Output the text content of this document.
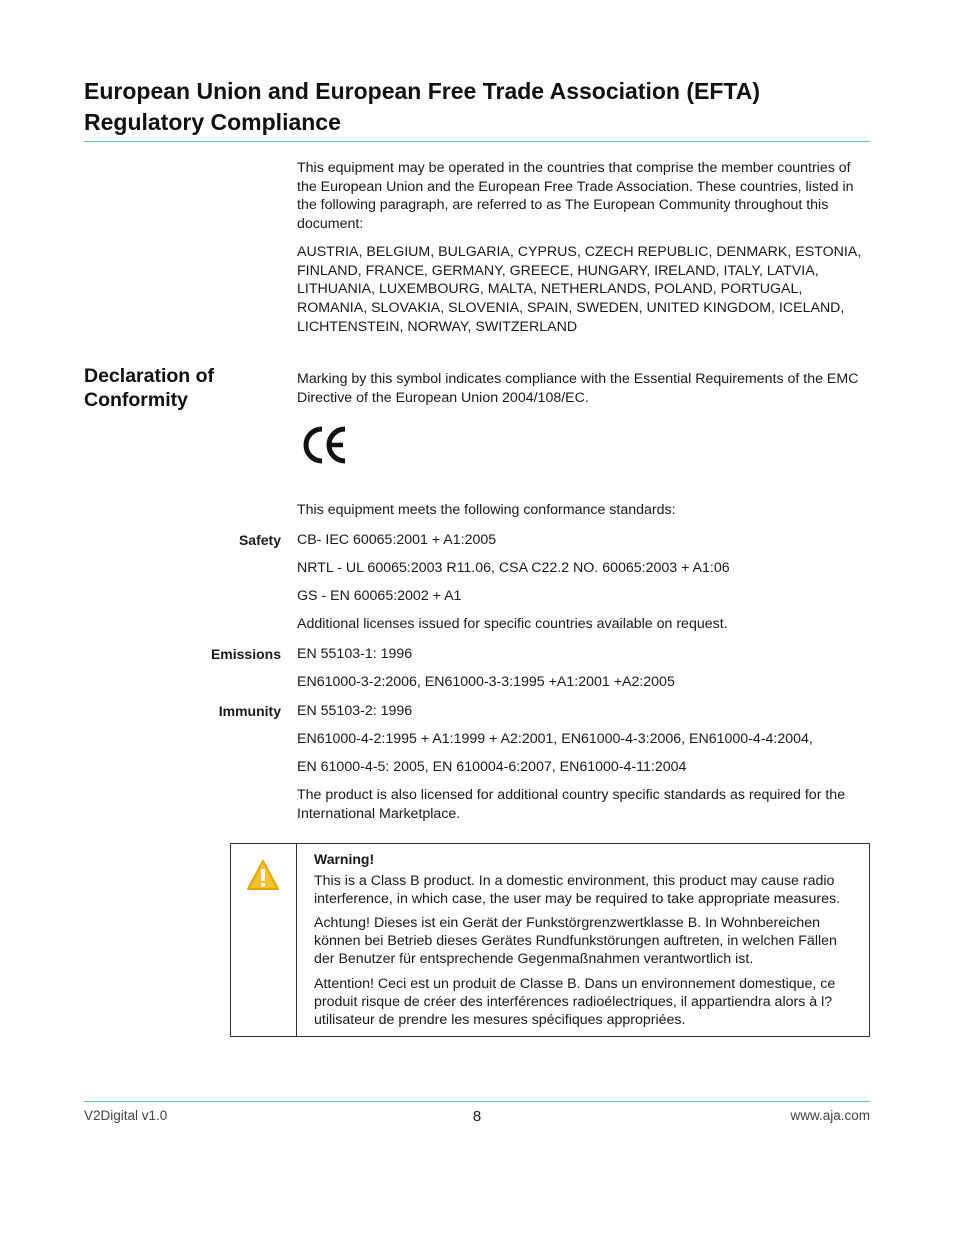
European Union and European Free Trade Association (EFTA)
Regulatory Compliance

This equipment may be operated in the countries that comprise the member countries of the European Union and the European Free Trade Association. These countries, listed in the following paragraph, are referred to as The European Community throughout this document:

AUSTRIA, BELGIUM, BULGARIA, CYPRUS, CZECH REPUBLIC, DENMARK, ESTONIA, FINLAND, FRANCE, GERMANY, GREECE, HUNGARY, IRELAND, ITALY, LATVIA, LITHUANIA, LUXEMBOURG, MALTA, NETHERLANDS, POLAND, PORTUGAL, ROMANIA, SLOVAKIA, SLOVENIA, SPAIN, SWEDEN, UNITED KINGDOM, ICELAND, LICHTENSTEIN, NORWAY, SWITZERLAND

Declaration of
Conformity

Marking by this symbol indicates compliance with the Essential Requirements of the EMC Directive of the European Union 2004/108/EC.

This equipment meets the following conformance standards:

Safety CB- IEC 60065:2001 + A1:2005

NRTL - UL 60065:2003 R11.06, CSA C22.2 NO. 60065:2003 + A1:06

GS - EN 60065:2002 + A1

Additional licenses issued for specific countries available on request.

Emissions EN 55103-1: 1996

EN61000-3-2:2006, EN61000-3-3:1995 +A1:2001 +A2:2005

Immunity EN 55103-2: 1996

EN61000-4-2:1995 + A1:1999 + A2:2001, EN61000-4-3:2006, EN61000-4-4:2004,

EN 61000-4-5: 2005, EN 610004-6:2007, EN61000-4-11:2004

The product is also licensed for additional country specific standards as required for the International Marketplace.

Warning!

This is a Class B product. In a domestic environment, this product may cause radio interference, in which case, the user may be required to take appropriate measures.

Achtung! Dieses ist ein Gerät der Funkstörgrenzwertklasse B. In Wohnbereichen können bei Betrieb dieses Gerätes Rundfunkstörungen auftreten, in welchen Fällen der Benutzer für entsprechende Gegenmaßnahmen verantwortlich ist.

Attention! Ceci est un produit de Classe B. Dans un environnement domestique, ce produit risque de créer des interférences radioélectriques, il appartiendra alors à l?utilisateur de prendre les mesures spécifiques appropriées.

V2Digital v1.0	8	www.aja.com
